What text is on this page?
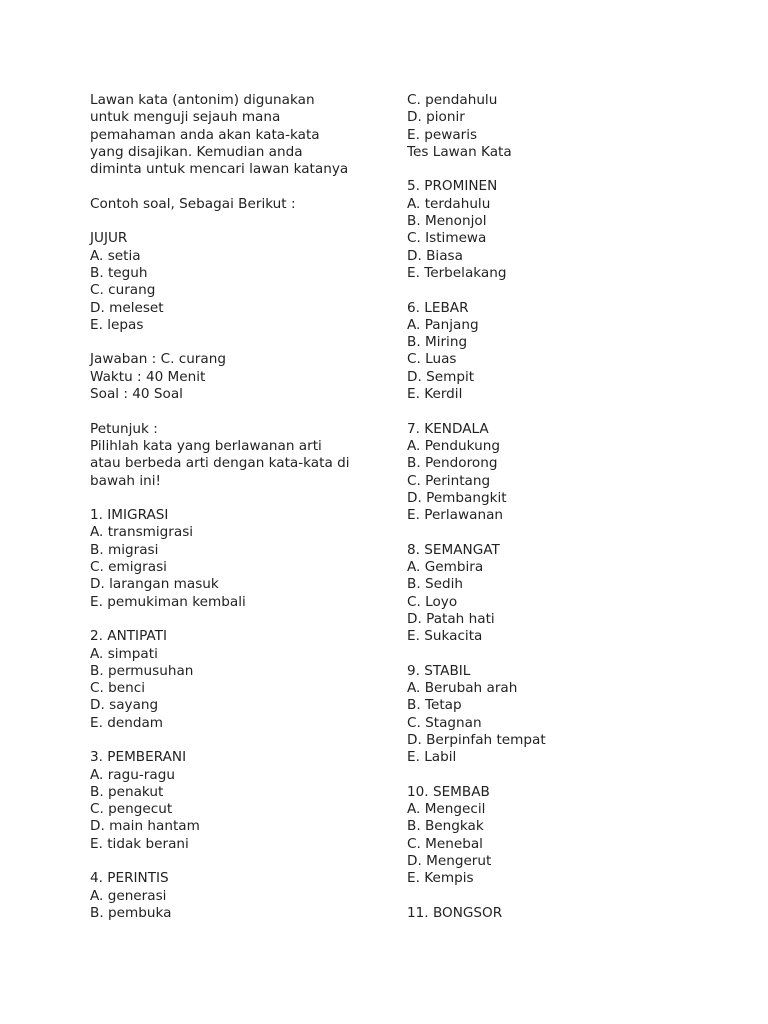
Lawan kata (antonim) digunakan
untuk menguji sejauh mana
pemahaman anda akan kata-kata
yang disajikan. Kemudian anda
diminta untuk mencari lawan katanya
Contoh soal, Sebagai Berikut :
JUJUR
A. setia
B. teguh
C. curang
D. meleset
E. lepas
Jawaban : C. curang
Waktu : 40 Menit
Soal : 40 Soal
Petunjuk :
Pilihlah kata yang berlawanan arti
atau berbeda arti dengan kata-kata di
bawah ini!
1. IMIGRASI
A. transmigrasi
B. migrasi
C. emigrasi
D. larangan masuk
E. pemukiman kembali
2. ANTIPATI
A. simpati
B. permusuhan
C. benci
D. sayang
E. dendam
3. PEMBERANI
A. ragu-ragu
B. penakut
C. pengecut
D. main hantam
E. tidak berani
4. PERINTIS
A. generasi
B. pembuka
C. pendahulu
D. pionir
E. pewaris
Tes Lawan Kata
5. PROMINEN
A. terdahulu
B. Menonjol
C. Istimewa
D. Biasa
E. Terbelakang
6. LEBAR
A. Panjang
B. Miring
C. Luas
D. Sempit
E. Kerdil
7. KENDALA
A. Pendukung
B. Pendorong
C. Perintang
D. Pembangkit
E. Perlawanan
8. SEMANGAT
A. Gembira
B. Sedih
C. Loyo
D. Patah hati
E. Sukacita
9. STABIL
A. Berubah arah
B. Tetap
C. Stagnan
D. Berpinfah tempat
E. Labil
10. SEMBAB
A. Mengecil
B. Bengkak
C. Menebal
D. Mengerut
E. Kempis
11. BONGSOR
